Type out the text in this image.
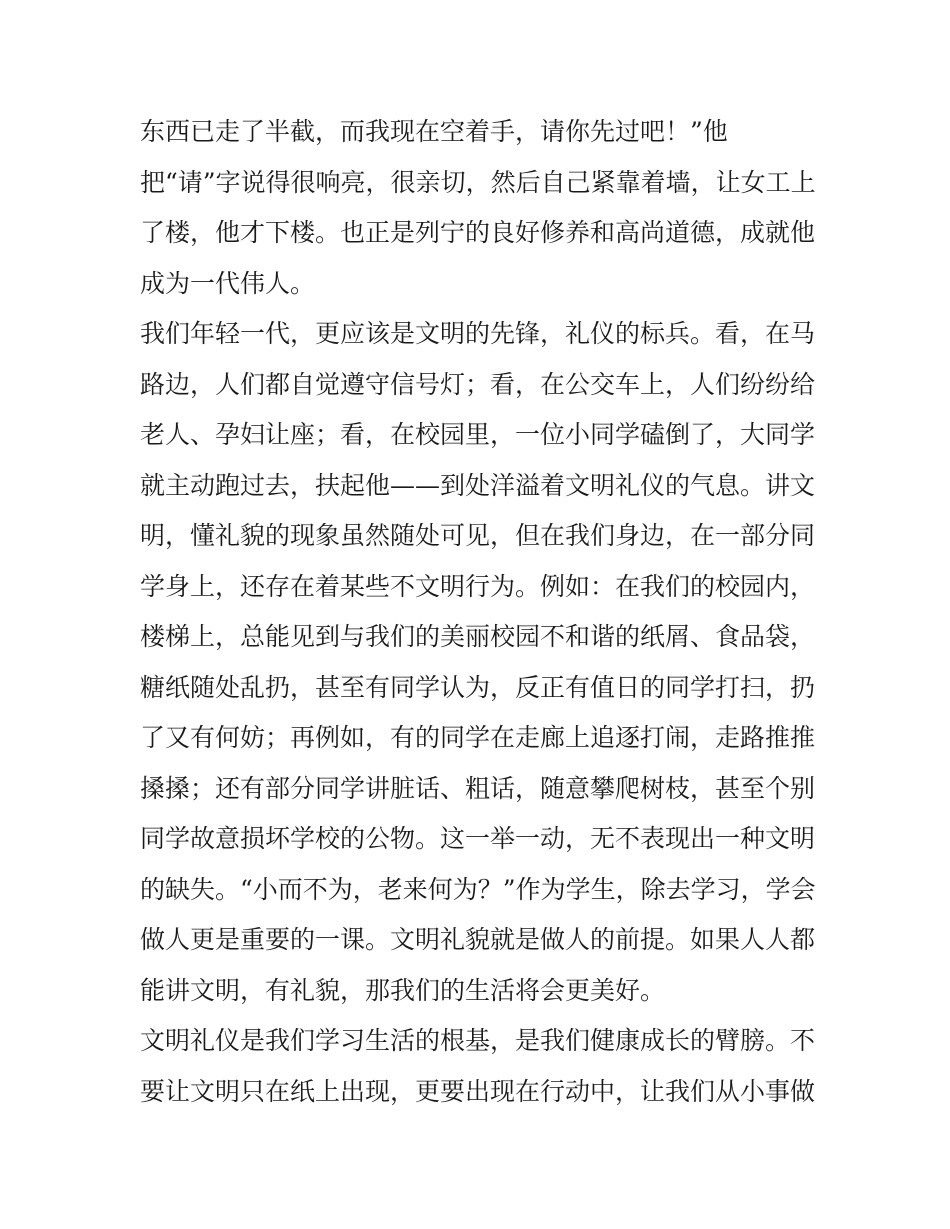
东西已走了半截，而我现在空着手，请你先过吧！”他
把“请”字说得很响亮，很亲切，然后自己紧靠着墙，让女工上
了楼，他才下楼。也正是列宁的良好修养和高尚道德，成就他
成为一代伟人。
我们年轻一代，更应该是文明的先锋，礼仪的标兵。看，在马
路边，人们都自觉遵守信号灯；看，在公交车上，人们纷纷给
老人、孕妇让座；看，在校园里，一位小同学磕倒了，大同学
就主动跑过去，扶起他——到处洋溢着文明礼仪的气息。讲文
明，懂礼貌的现象虽然随处可见，但在我们身边，在一部分同
学身上，还存在着某些不文明行为。例如：在我们的校园内，
楼梯上，总能见到与我们的美丽校园不和谐的纸屑、食品袋，
糖纸随处乱扔，甚至有同学认为，反正有值日的同学打扫，扔
了又有何妨；再例如，有的同学在走廊上追逐打闹，走路推推
搡搡；还有部分同学讲脏话、粗话，随意攀爬树枝，甚至个别
同学故意损坏学校的公物。这一举一动，无不表现出一种文明
的缺失。“小而不为，老来何为？”作为学生，除去学习，学会
做人更是重要的一课。文明礼貌就是做人的前提。如果人人都
能讲文明，有礼貌，那我们的生活将会更美好。
文明礼仪是我们学习生活的根基，是我们健康成长的臂膀。不
要让文明只在纸上出现，更要出现在行动中，让我们从小事做
